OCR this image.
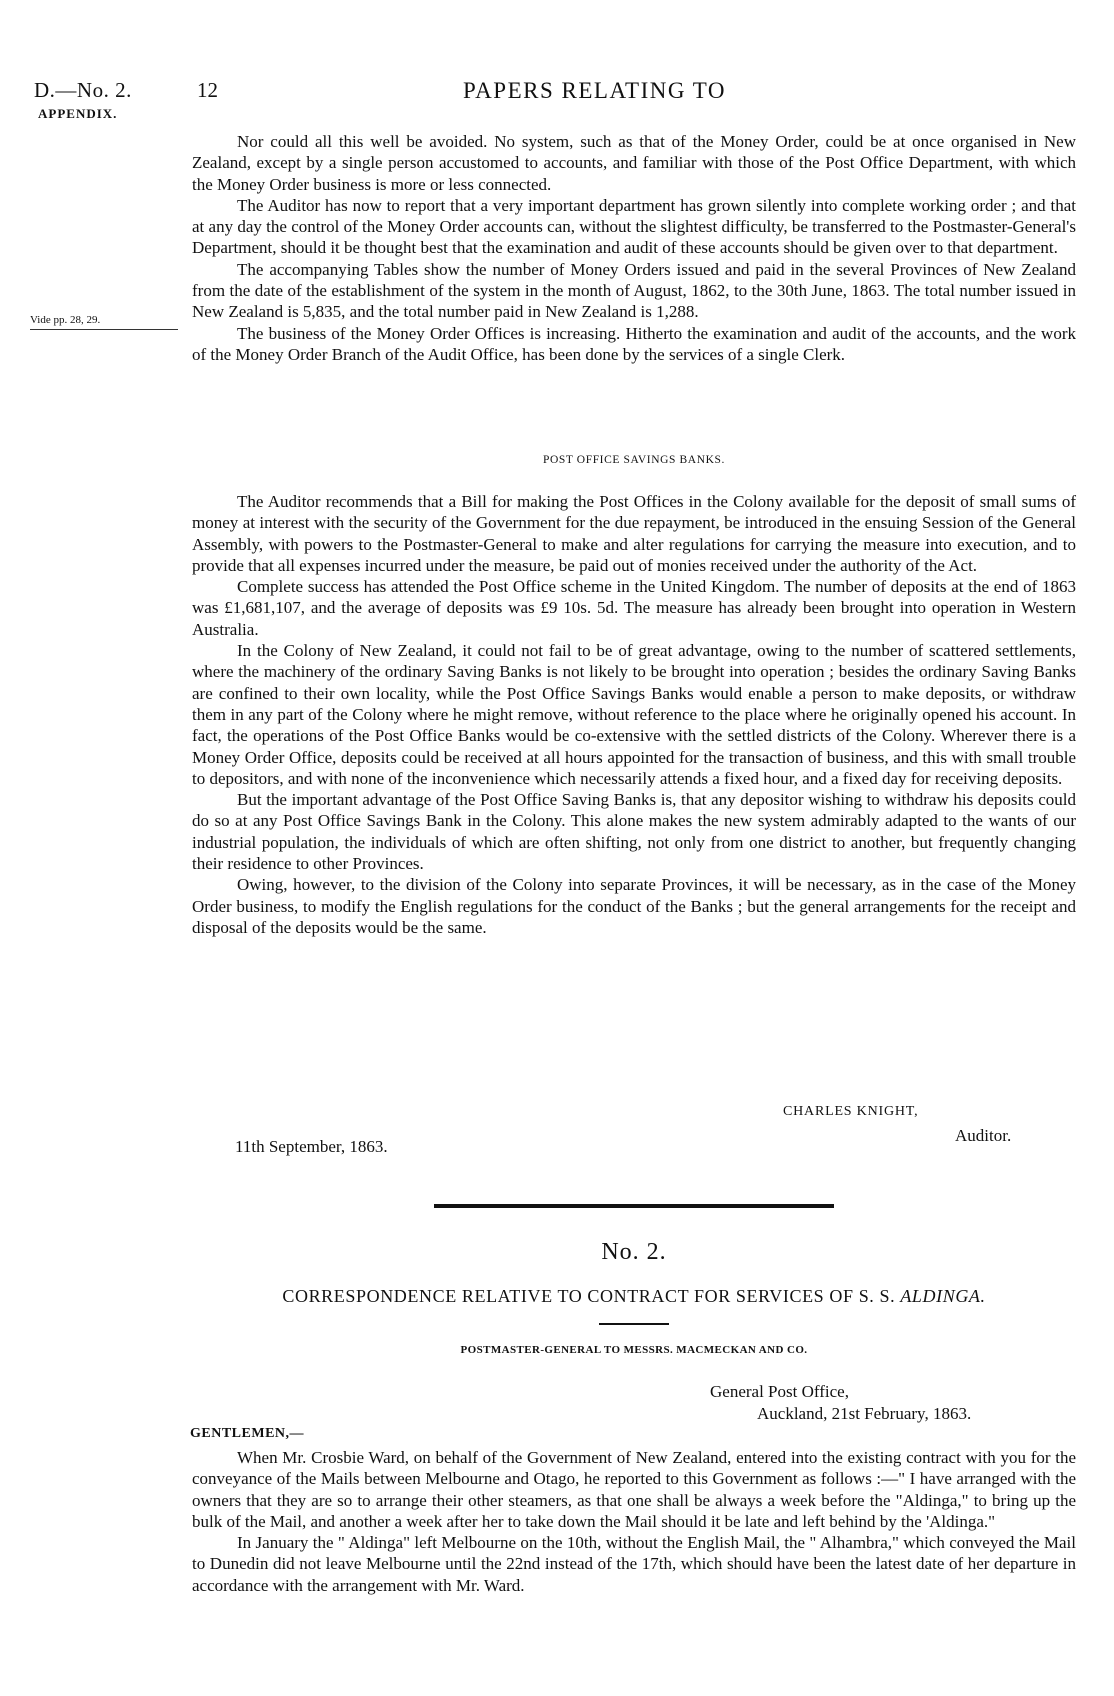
D.—No. 2.	12	PAPERS RELATING TO
APPENDIX.
Vide pp. 28, 29.

Nor could all this well be avoided. No system, such as that of the Money Order, could be at once organised in New Zealand, except by a single person accustomed to accounts, and familiar with those of the Post Office Department, with which the Money Order business is more or less connected.

The Auditor has now to report that a very important department has grown silently into complete working order ; and that at any day the control of the Money Order accounts can, without the slightest difficulty, be transferred to the Postmaster-General's Department, should it be thought best that the examination and audit of these accounts should be given over to that department.

The accompanying Tables show the number of Money Orders issued and paid in the several Provinces of New Zealand from the date of the establishment of the system in the month of August, 1862, to the 30th June, 1863. The total number issued in New Zealand is 5,835, and the total number paid in New Zealand is 1,288.

The business of the Money Order Offices is increasing. Hitherto the examination and audit of the accounts, and the work of the Money Order Branch of the Audit Office, has been done by the services of a single Clerk.

POST OFFICE SAVINGS BANKS.

The Auditor recommends that a Bill for making the Post Offices in the Colony available for the deposit of small sums of money at interest with the security of the Government for the due repayment, be introduced in the ensuing Session of the General Assembly, with powers to the Postmaster-General to make and alter regulations for carrying the measure into execution, and to provide that all expenses incurred under the measure, be paid out of monies received under the authority of the Act.

Complete success has attended the Post Office scheme in the United Kingdom. The number of deposits at the end of 1863 was £1,681,107, and the average of deposits was £9 10s. 5d. The measure has already been brought into operation in Western Australia.

In the Colony of New Zealand, it could not fail to be of great advantage, owing to the number of scattered settlements, where the machinery of the ordinary Saving Banks is not likely to be brought into operation ; besides the ordinary Saving Banks are confined to their own locality, while the Post Office Savings Banks would enable a person to make deposits, or withdraw them in any part of the Colony where he might remove, without reference to the place where he originally opened his account. In fact, the operations of the Post Office Banks would be co-extensive with the settled districts of the Colony. Wherever there is a Money Order Office, deposits could be received at all hours appointed for the transaction of business, and this with small trouble to depositors, and with none of the inconvenience which necessarily attends a fixed hour, and a fixed day for receiving deposits.

But the important advantage of the Post Office Saving Banks is, that any depositor wishing to withdraw his deposits could do so at any Post Office Savings Bank in the Colony. This alone makes the new system admirably adapted to the wants of our industrial population, the individuals of which are often shifting, not only from one district to another, but frequently changing their residence to other Provinces.

Owing, however, to the division of the Colony into separate Provinces, it will be necessary, as in the case of the Money Order business, to modify the English regulations for the conduct of the Banks ; but the general arrangements for the receipt and disposal of the deposits would be the same.

CHARLES KNIGHT,
Auditor.
11th September, 1863.
No. 2.
CORRESPONDENCE RELATIVE TO CONTRACT FOR SERVICES OF S. S. ALDINGA.
POSTMASTER-GENERAL TO MESSRS. MACMECKAN AND CO.
General Post Office,
Auckland, 21st February, 1863.
GENTLEMEN,—

When Mr. Crosbie Ward, on behalf of the Government of New Zealand, entered into the existing contract with you for the conveyance of the Mails between Melbourne and Otago, he reported to this Government as follows :—" I have arranged with the owners that they are so to arrange their other steamers, as that one shall be always a week before the "Aldinga," to bring up the bulk of the Mail, and another a week after her to take down the Mail should it be late and left behind by the 'Aldinga."

In January the " Aldinga" left Melbourne on the 10th, without the English Mail, the " Alhambra," which conveyed the Mail to Dunedin did not leave Melbourne until the 22nd instead of the 17th, which should have been the latest date of her departure in accordance with the arrangement with Mr. Ward.
